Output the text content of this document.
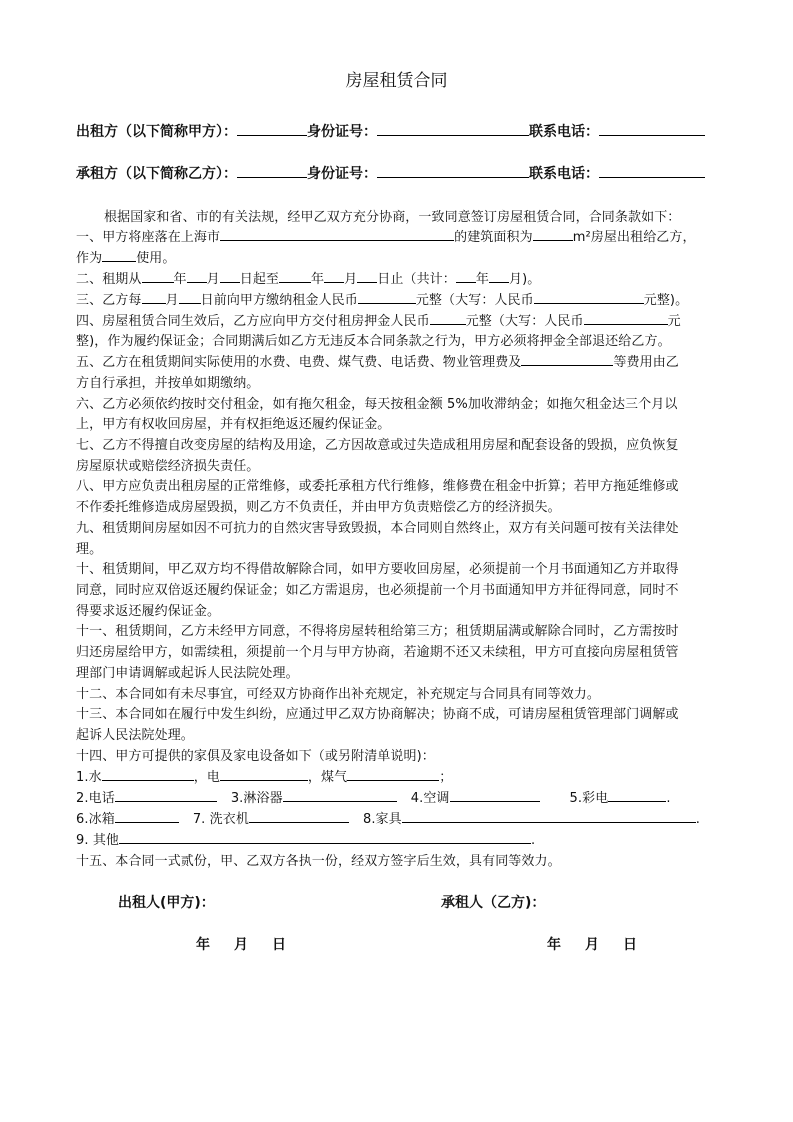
房屋租赁合同
出租方（以下简称甲方）：	身份证号：	联系电话：
承租方（以下简称乙方）：	身份证号：	联系电话：
根据国家和省、市的有关法规，经甲乙双方充分协商，一致同意签订房屋租赁合同，合同条款如下：
一、甲方将座落在上海市	的建筑面积为	m²房屋出租给乙方，
作为	使用。
二、租期从 年 月 日起至 年 月 日止（共计： 年 月)。
三、乙方每 月 日前向甲方缴纳租金人民币	元整（大写：人民币	元整)。
四、房屋租赁合同生效后，乙方应向甲方交付租房押金人民币	元整（大写：人民币	元
整)，作为履约保证金；合同期满后如乙方无违反本合同条款之行为，甲方必须将押金全部退还给乙方。
五、乙方在租赁期间实际使用的水费、电费、煤气费、电话费、物业管理费及	等费用由乙
方自行承担，并按单如期缴纳。
六、乙方必须依约按时交付租金，如有拖欠租金，每天按租金额 5%加收滞纳金；如拖欠租金达三个月以
上，甲方有权收回房屋，并有权拒绝返还履约保证金。
七、乙方不得擅自改变房屋的结构及用途，乙方因故意或过失造成租用房屋和配套设备的毁损，应负恢复
房屋原状或赔偿经济损失责任。
八、甲方应负责出租房屋的正常维修，或委托承租方代行维修，维修费在租金中折算；若甲方拖延维修或
不作委托维修造成房屋毁损，则乙方不负责任，并由甲方负责赔偿乙方的经济损失。
九、租赁期间房屋如因不可抗力的自然灾害导致毁损，本合同则自然终止，双方有关问题可按有关法律处
理。
十、租赁期间，甲乙双方均不得借故解除合同，如甲方要收回房屋，必须提前一个月书面通知乙方并取得
同意，同时应双倍返还履约保证金；如乙方需退房，也必须提前一个月书面通知甲方并征得同意，同时不
得要求返还履约保证金。
十一、租赁期间，乙方未经甲方同意，不得将房屋转租给第三方；租赁期届满或解除合同时，乙方需按时
归还房屋给甲方，如需续租，须提前一个月与甲方协商，若逾期不还又未续租，甲方可直接向房屋租赁管
理部门申请调解或起诉人民法院处理。
十二、本合同如有未尽事宜，可经双方协商作出补充规定，补充规定与合同具有同等效力。
十三、本合同如在履行中发生纠纷，应通过甲乙双方协商解决；协商不成，可请房屋租赁管理部门调解或
起诉人民法院处理。
十四、甲方可提供的家俱及家电设备如下（或另附清单说明)：
1.水	，电	，煤气	；
2.电话	3.淋浴器	4.空调	5.彩电	.
6.冰箱	7. 洗衣机	8.家具	.
9. 其他	.
十五、本合同一式贰份，甲、乙双方各执一份，经双方签字后生效，具有同等效力。
出租人(甲方)：	承租人（乙方)：
年 月 日	年 月 日
